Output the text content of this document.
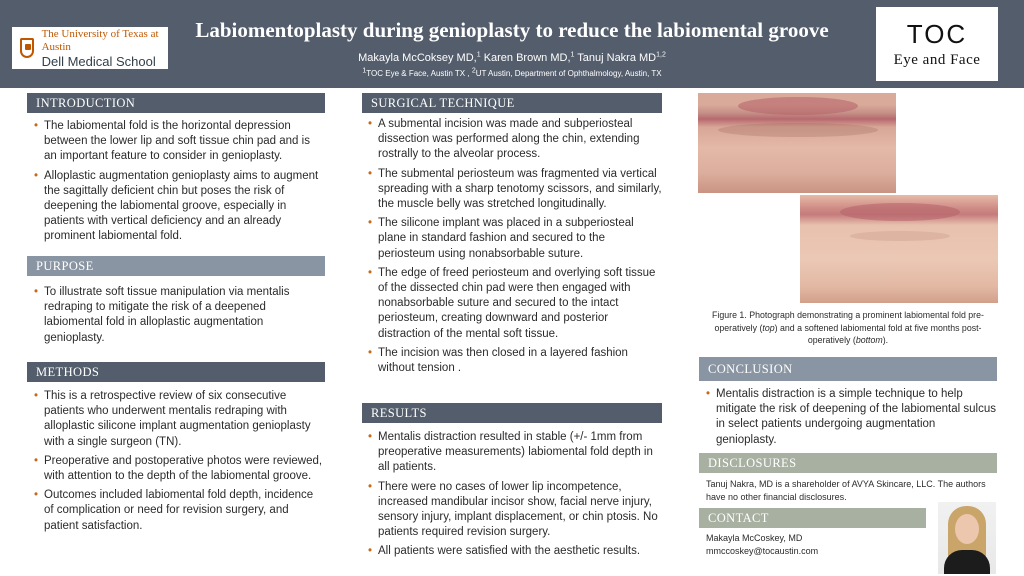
The University of Texas at Austin
Dell Medical School
Labiomentoplasty during genioplasty to reduce the labiomental groove
Makayla McCoksey MD,$^1$ Karen Brown MD,$^1$ Tanuj Nakra MD$^{1,2}$
$^1$TOC Eye & Face, Austin TX , $^2$UT Austin, Department of Ophthalmology, Austin, TX
TOC
Eye and Face
INTRODUCTION
• The labiomental fold is the horizontal depression between the lower lip and soft tissue chin pad and is an important feature to consider in genioplasty.
• Alloplastic augmentation genioplasty aims to augment the sagittally deficient chin but poses the risk of deepening the labiomental groove, especially in patients with vertical deficiency and an already prominent labiomental fold.
PURPOSE
• To illustrate soft tissue manipulation via mentalis redraping to mitigate the risk of a deepened labiomental fold in alloplastic augmentation genioplasty.
METHODS
• This is a retrospective review of six consecutive patients who underwent mentalis redraping with alloplastic silicone implant augmentation genioplasty with a single surgeon (TN).
• Preoperative and postoperative photos were reviewed, with attention to the depth of the labiomental groove.
• Outcomes included labiomental fold depth, incidence of complication or need for revision surgery, and patient satisfaction.
SURGICAL TECHNIQUE
• A submental incision was made and subperiosteal dissection was performed along the chin, extending rostrally to the alveolar process.
• The submental periosteum was fragmented via vertical spreading with a sharp tenotomy scissors, and similarly, the muscle belly was stretched longitudinally.
• The silicone implant was placed in a subperiosteal plane in standard fashion and secured to the periosteum using nonabsorbable suture.
• The edge of freed periosteum and overlying soft tissue of the dissected chin pad were then engaged with nonabsorbable suture and secured to the intact periosteum, creating downward and posterior distraction of the mental soft tissue.
• The incision was then closed in a layered fashion without tension .
RESULTS
• Mentalis distraction resulted in stable (+/- 1mm from preoperative measurements) labiomental fold depth in all patients.
• There were no cases of lower lip incompetence, increased mandibular incisor show, facial nerve injury, sensory injury, implant displacement, or chin ptosis. No patients required revision surgery.
• All patients were satisfied with the aesthetic results.
Figure 1. Photograph demonstrating a prominent labiomental fold pre-operatively (top) and a softened labiomental fold at five months post-operatively (bottom).
CONCLUSION
• Mentalis distraction is a simple technique to help mitigate the risk of deepening of the labiomental sulcus in select patients undergoing augmentation genioplasty.
DISCLOSURES
Tanuj Nakra, MD is a shareholder of AVYA Skincare, LLC. The authors have no other financial disclosures.
CONTACT
Makayla McCoskey, MD
mmccoskey@tocaustin.com
